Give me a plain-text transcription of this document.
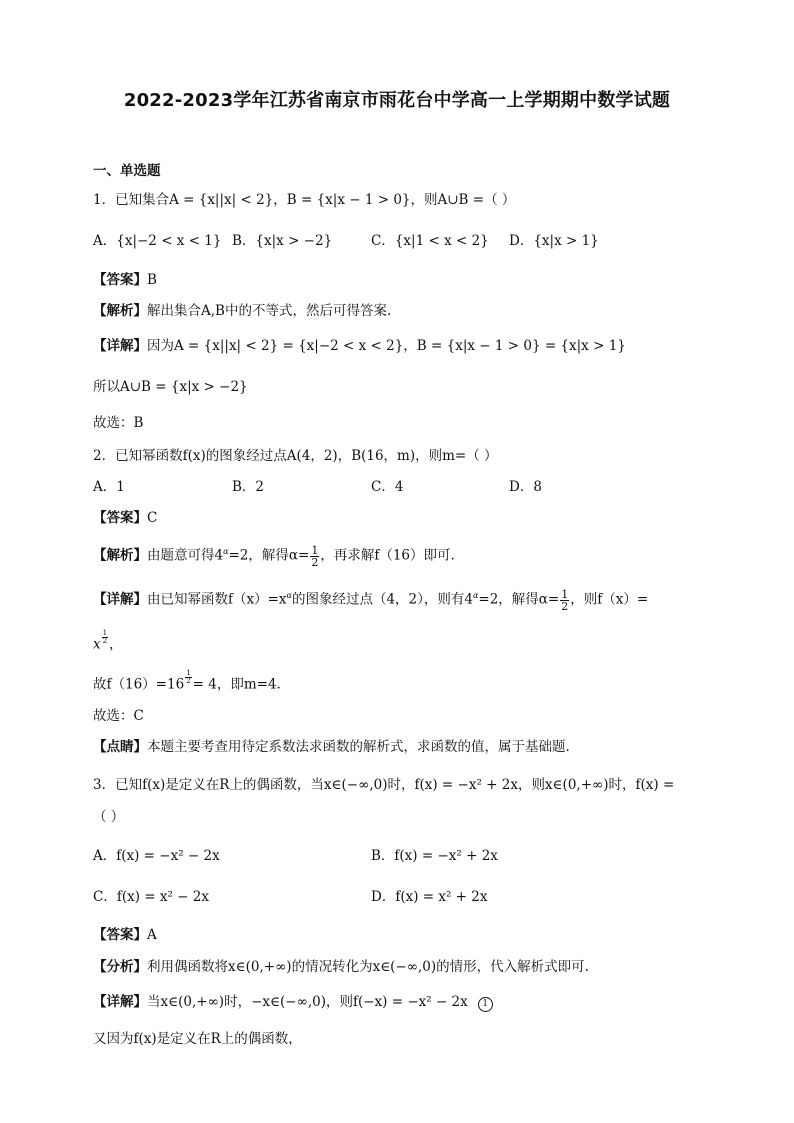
2022-2023学年江苏省南京市雨花台中学高一上学期期中数学试题
一、单选题
1．已知集合A = {x||x| < 2}，B = {x|x − 1 > 0}，则A∪B =（ ）
A．{x|−2 < x < 1} B．{x|x > −2}	C．{x|1 < x < 2} D．{x|x > 1}
【答案】B
【解析】解出集合A,B中的不等式，然后可得答案.
【详解】因为A = {x||x| < 2} = {x|−2 < x < 2}，B = {x|x − 1 > 0} = {x|x > 1}
所以A∪B = {x|x > −2}
故选：B
2．已知幂函数f(x)的图象经过点A(4，2)，B(16，m)，则m=（ ）
A．1	B．2	C．4	D．8
【答案】C
【解析】由题意可得$4^\alpha=2$，解得$\alpha= \frac{1}{2}$ ，再求解f（16）即可.
【详解】由已知幂函数$f(x)=x^\alpha$的图象经过点（4，2），则有$4^\alpha=2$，解得$\alpha= \frac{1}{2}$ ，则f（x）=
x $\frac{1}{2}$ ，
故$f(16)=16 \frac{1}{2} = 4$，即m=4.
故选：C
【点睛】本题主要考查用待定系数法求函数的解析式，求函数的值，属于基础题.
3．已知f(x)是定义在R上的偶函数，当x∈(−∞,0)时，f(x) = −x² + 2x，则x∈(0,+∞)时，f(x) =
（ ）
A．f(x) = −x² − 2x	B．f(x) = −x² + 2x
C．f(x) = x² − 2x	D．f(x) = x² + 2x
【答案】A
【分析】利用偶函数将x∈(0,+∞)的情况转化为x∈(−∞,0)的情形，代入解析式即可.
【详解】当x∈(0,+∞)时，−x∈(−∞,0)，则f(−x) = −x² − 2x 1
又因为f(x)是定义在R上的偶函数，
